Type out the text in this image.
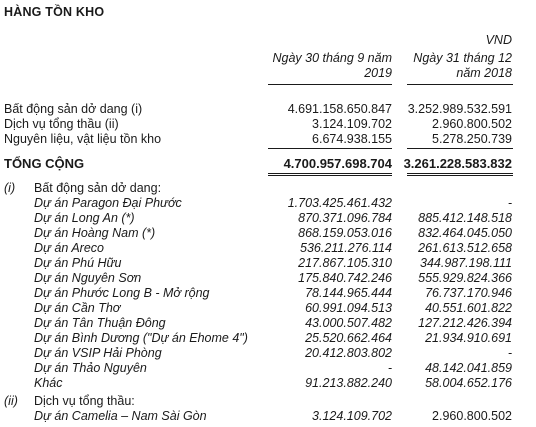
HÀNG TỒN KHO
VND
Ngày 30 tháng 9 năm
2019
Ngày 31 tháng 12
năm 2018
Bất động sản dở dang (i)	4.691.158.650.847 3.252.989.532.591
Dịch vụ tổng thầu (ii)	3.124.109.702	2.960.800.502
Nguyên liệu, vật liệu tồn kho	6.674.938.155	5.278.250.739
TỔNG CỘNG	4.700.957.698.704 3.261.228.583.832
(i) Bất động sản dở dang:
Dự án Paragon Đại Phước	1.703.425.461.432	-
Dự án Long An (*)	870.371.096.784 885.412.148.518
Dự án Hoàng Nam (*)	868.159.053.016 832.464.045.050
Dự án Areco	536.211.276.114 261.613.512.658
Dự án Phú Hữu	217.867.105.310 344.987.198.111
Dự án Nguyên Sơn	175.840.742.246 555.929.824.366
Dự án Phước Long B - Mở rộng	78.144.965.444	76.737.170.946
Dự án Cần Thơ	60.991.094.513	40.551.601.822
Dự án Tân Thuận Đông	43.000.507.482 127.212.426.394
Dự án Bình Dương ("Dự án Ehome 4")	25.520.662.464	21.934.910.691
Dự án VSIP Hải Phòng	20.412.803.802	-
Dự án Thảo Nguyên	-	48.142.041.859
Khác	91.213.882.240	58.004.652.176
(ii) Dịch vụ tổng thầu:
Dự án Camelia – Nam Sài Gòn	3.124.109.702	2.960.800.502
